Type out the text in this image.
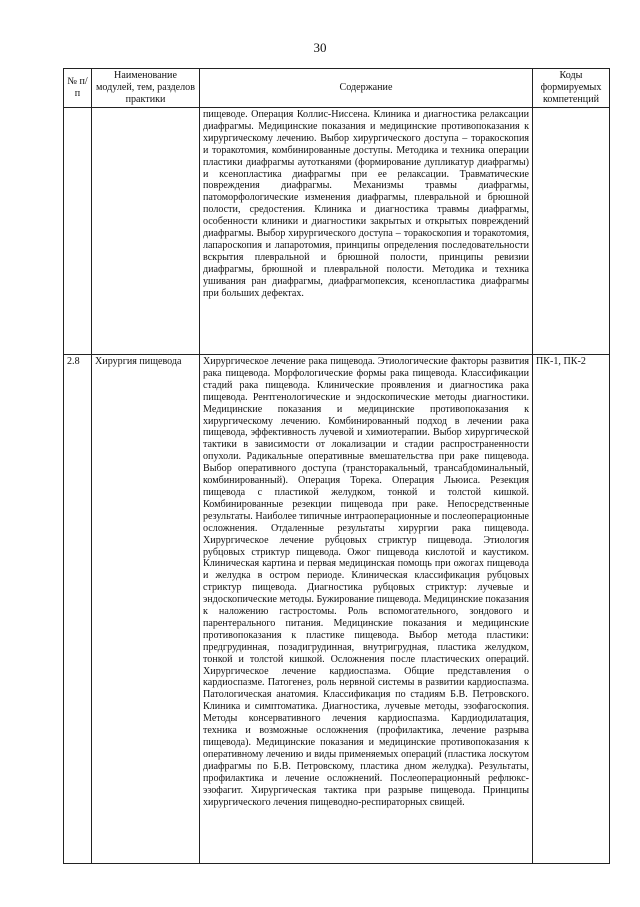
30
№ п/п	Наименование модулей, тем, разделов практики	Содержание	Коды формируемых компетенций
		пищеводе. Операция Коллис-Ниссена. Клиника и диагностика релаксации диафрагмы. Медицинские показания и медицинские противопоказания к хирургическому лечению. Выбор хирургического доступа – торакоскопия и торакотомия, комбинированные доступы. Методика и техника операции пластики диафрагмы аутотканями (формирование дупликатур диафрагмы) и ксенопластика диафрагмы при ее релаксации. Травматические повреждения диафрагмы. Механизмы травмы диафрагмы, патоморфологические изменения диафрагмы, плевральной и брюшной полости, средостения. Клиника и диагностика травмы диафрагмы, особенности клиники и диагностики закрытых и открытых повреждений диафрагмы. Выбор хирургического доступа – торакоскопия и торакотомия, лапароскопия и лапаротомия, принципы определения последовательности вскрытия плевральной и брюшной полости, принципы ревизии диафрагмы, брюшной и плевральной полости. Методика и техника ушивания ран диафрагмы, диафрагмопексия, ксенопластика диафрагмы при больших дефектах.	
2.8	Хирургия пищевода	Хирургическое лечение рака пищевода. Этиологические факторы развития рака пищевода. Морфологические формы рака пищевода. Классификации стадий рака пищевода. Клинические проявления и диагностика рака пищевода. Рентгенологические и эндоскопические методы диагностики. Медицинские показания и медицинские противопоказания к хирургическому лечению. Комбинированный подход в лечении рака пищевода, эффективность лучевой и химиотерапии. Выбор хирургической тактики в зависимости от локализации и стадии распространенности опухоли. Радикальные оперативные вмешательства при раке пищевода. Выбор оперативного доступа (трансторакальный, трансабдоминальный, комбинированный). Операция Торека. Операция Льюиса. Резекция пищевода с пластикой желудком, тонкой и толстой кишкой. Комбинированные резекции пищевода при раке. Непосредственные результаты. Наиболее типичные интраоперационные и послеоперационные осложнения. Отдаленные результаты хирургии рака пищевода. Хирургическое лечение рубцовых стриктур пищевода. Этиология рубцовых стриктур пищевода. Ожог пищевода кислотой и каустиком. Клиническая картина и первая медицинская помощь при ожогах пищевода и желудка в остром периоде. Клиническая классификация рубцовых стриктур пищевода. Диагностика рубцовых стриктур: лучевые и эндоскопические методы. Бужирование пищевода. Медицинские показания к наложению гастростомы. Роль вспомогательного, зондового и парентерального питания. Медицинские показания и медицинские противопоказания к пластике пищевода. Выбор метода пластики: предгрудинная, позадигрудинная, внутригрудная, пластика желудком, тонкой и толстой кишкой. Осложнения после пластических операций. Хирургическое лечение кардиоспазма. Общие представления о кардиоспазме. Патогенез, роль нервной системы в развитии кардиоспазма. Патологическая анатомия. Классификация по стадиям Б.В. Петровского. Клиника и симптоматика. Диагностика, лучевые методы, эзофагоскопия. Методы консервативного лечения кардиоспазма. Кардиодилатация, техника и возможные осложнения (профилактика, лечение разрыва пищевода). Медицинские показания и медицинские противопоказания к оперативному лечению и виды применяемых операций (пластика лоскутом диафрагмы по Б.В. Петровскому, пластика дном желудка). Результаты, профилактика и лечение осложнений. Послеоперационный рефлюкс-эзофагит. Хирургическая тактика при разрыве пищевода. Принципы хирургического лечения пищеводно-респираторных свищей.	ПК-1, ПК-2
